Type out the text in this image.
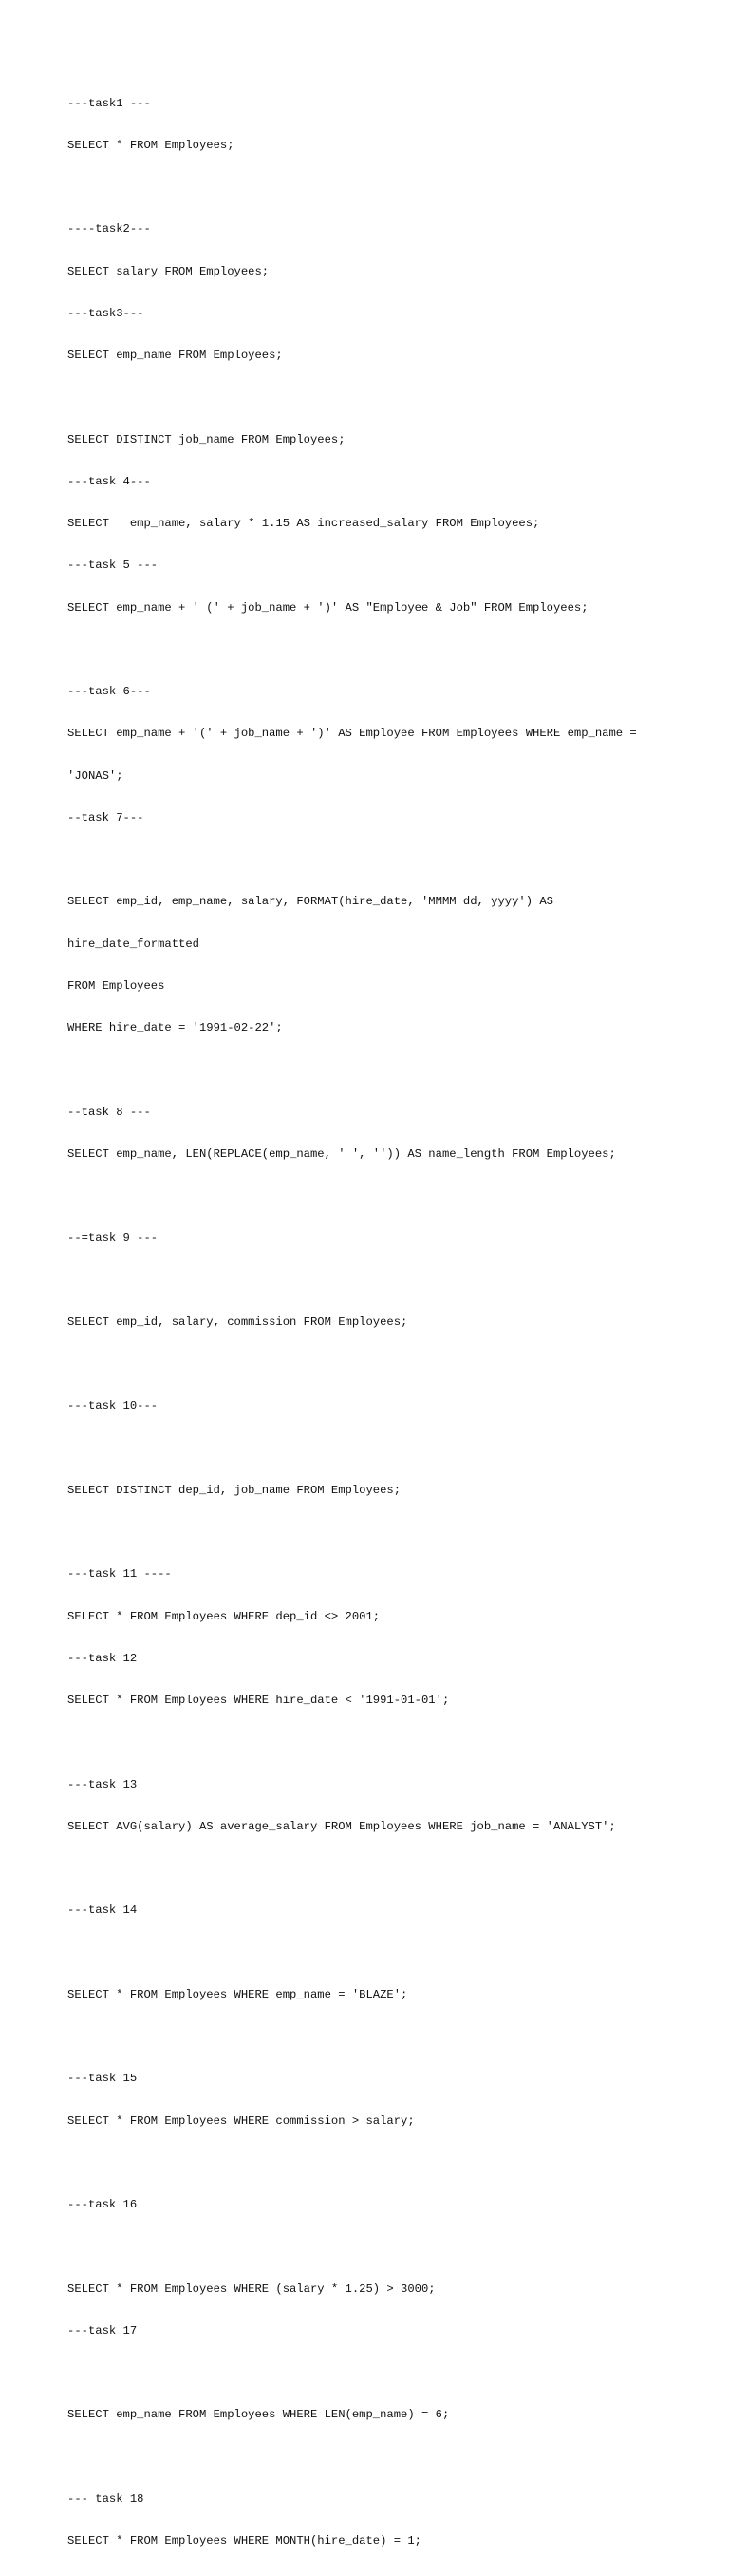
---task1 ---

SELECT * FROM Employees;

----task2---

SELECT salary FROM Employees;

---task3---

SELECT emp_name FROM Employees;

SELECT DISTINCT job_name FROM Employees;

---task 4---

SELECT   emp_name, salary * 1.15 AS increased_salary FROM Employees;

---task 5 ---

SELECT emp_name + ' (' + job_name + ')' AS "Employee & Job" FROM Employees;

---task 6---

SELECT emp_name + '(' + job_name + ')' AS Employee FROM Employees WHERE emp_name =

'JONAS';

--task 7---

SELECT emp_id, emp_name, salary, FORMAT(hire_date, 'MMMM dd, yyyy') AS

hire_date_formatted

FROM Employees

WHERE hire_date = '1991-02-22';

--task 8 ---

SELECT emp_name, LEN(REPLACE(emp_name, ' ', '')) AS name_length FROM Employees;

--=task 9 ---

SELECT emp_id, salary, commission FROM Employees;

---task 10---

SELECT DISTINCT dep_id, job_name FROM Employees;

---task 11 ----

SELECT * FROM Employees WHERE dep_id <> 2001;

---task 12

SELECT * FROM Employees WHERE hire_date < '1991-01-01';

---task 13

SELECT AVG(salary) AS average_salary FROM Employees WHERE job_name = 'ANALYST';

---task 14

SELECT * FROM Employees WHERE emp_name = 'BLAZE';

---task 15

SELECT * FROM Employees WHERE commission > salary;

---task 16

SELECT * FROM Employees WHERE (salary * 1.25) > 3000;

---task 17

SELECT emp_name FROM Employees WHERE LEN(emp_name) = 6;

--- task 18

SELECT * FROM Employees WHERE MONTH(hire_date) = 1;
